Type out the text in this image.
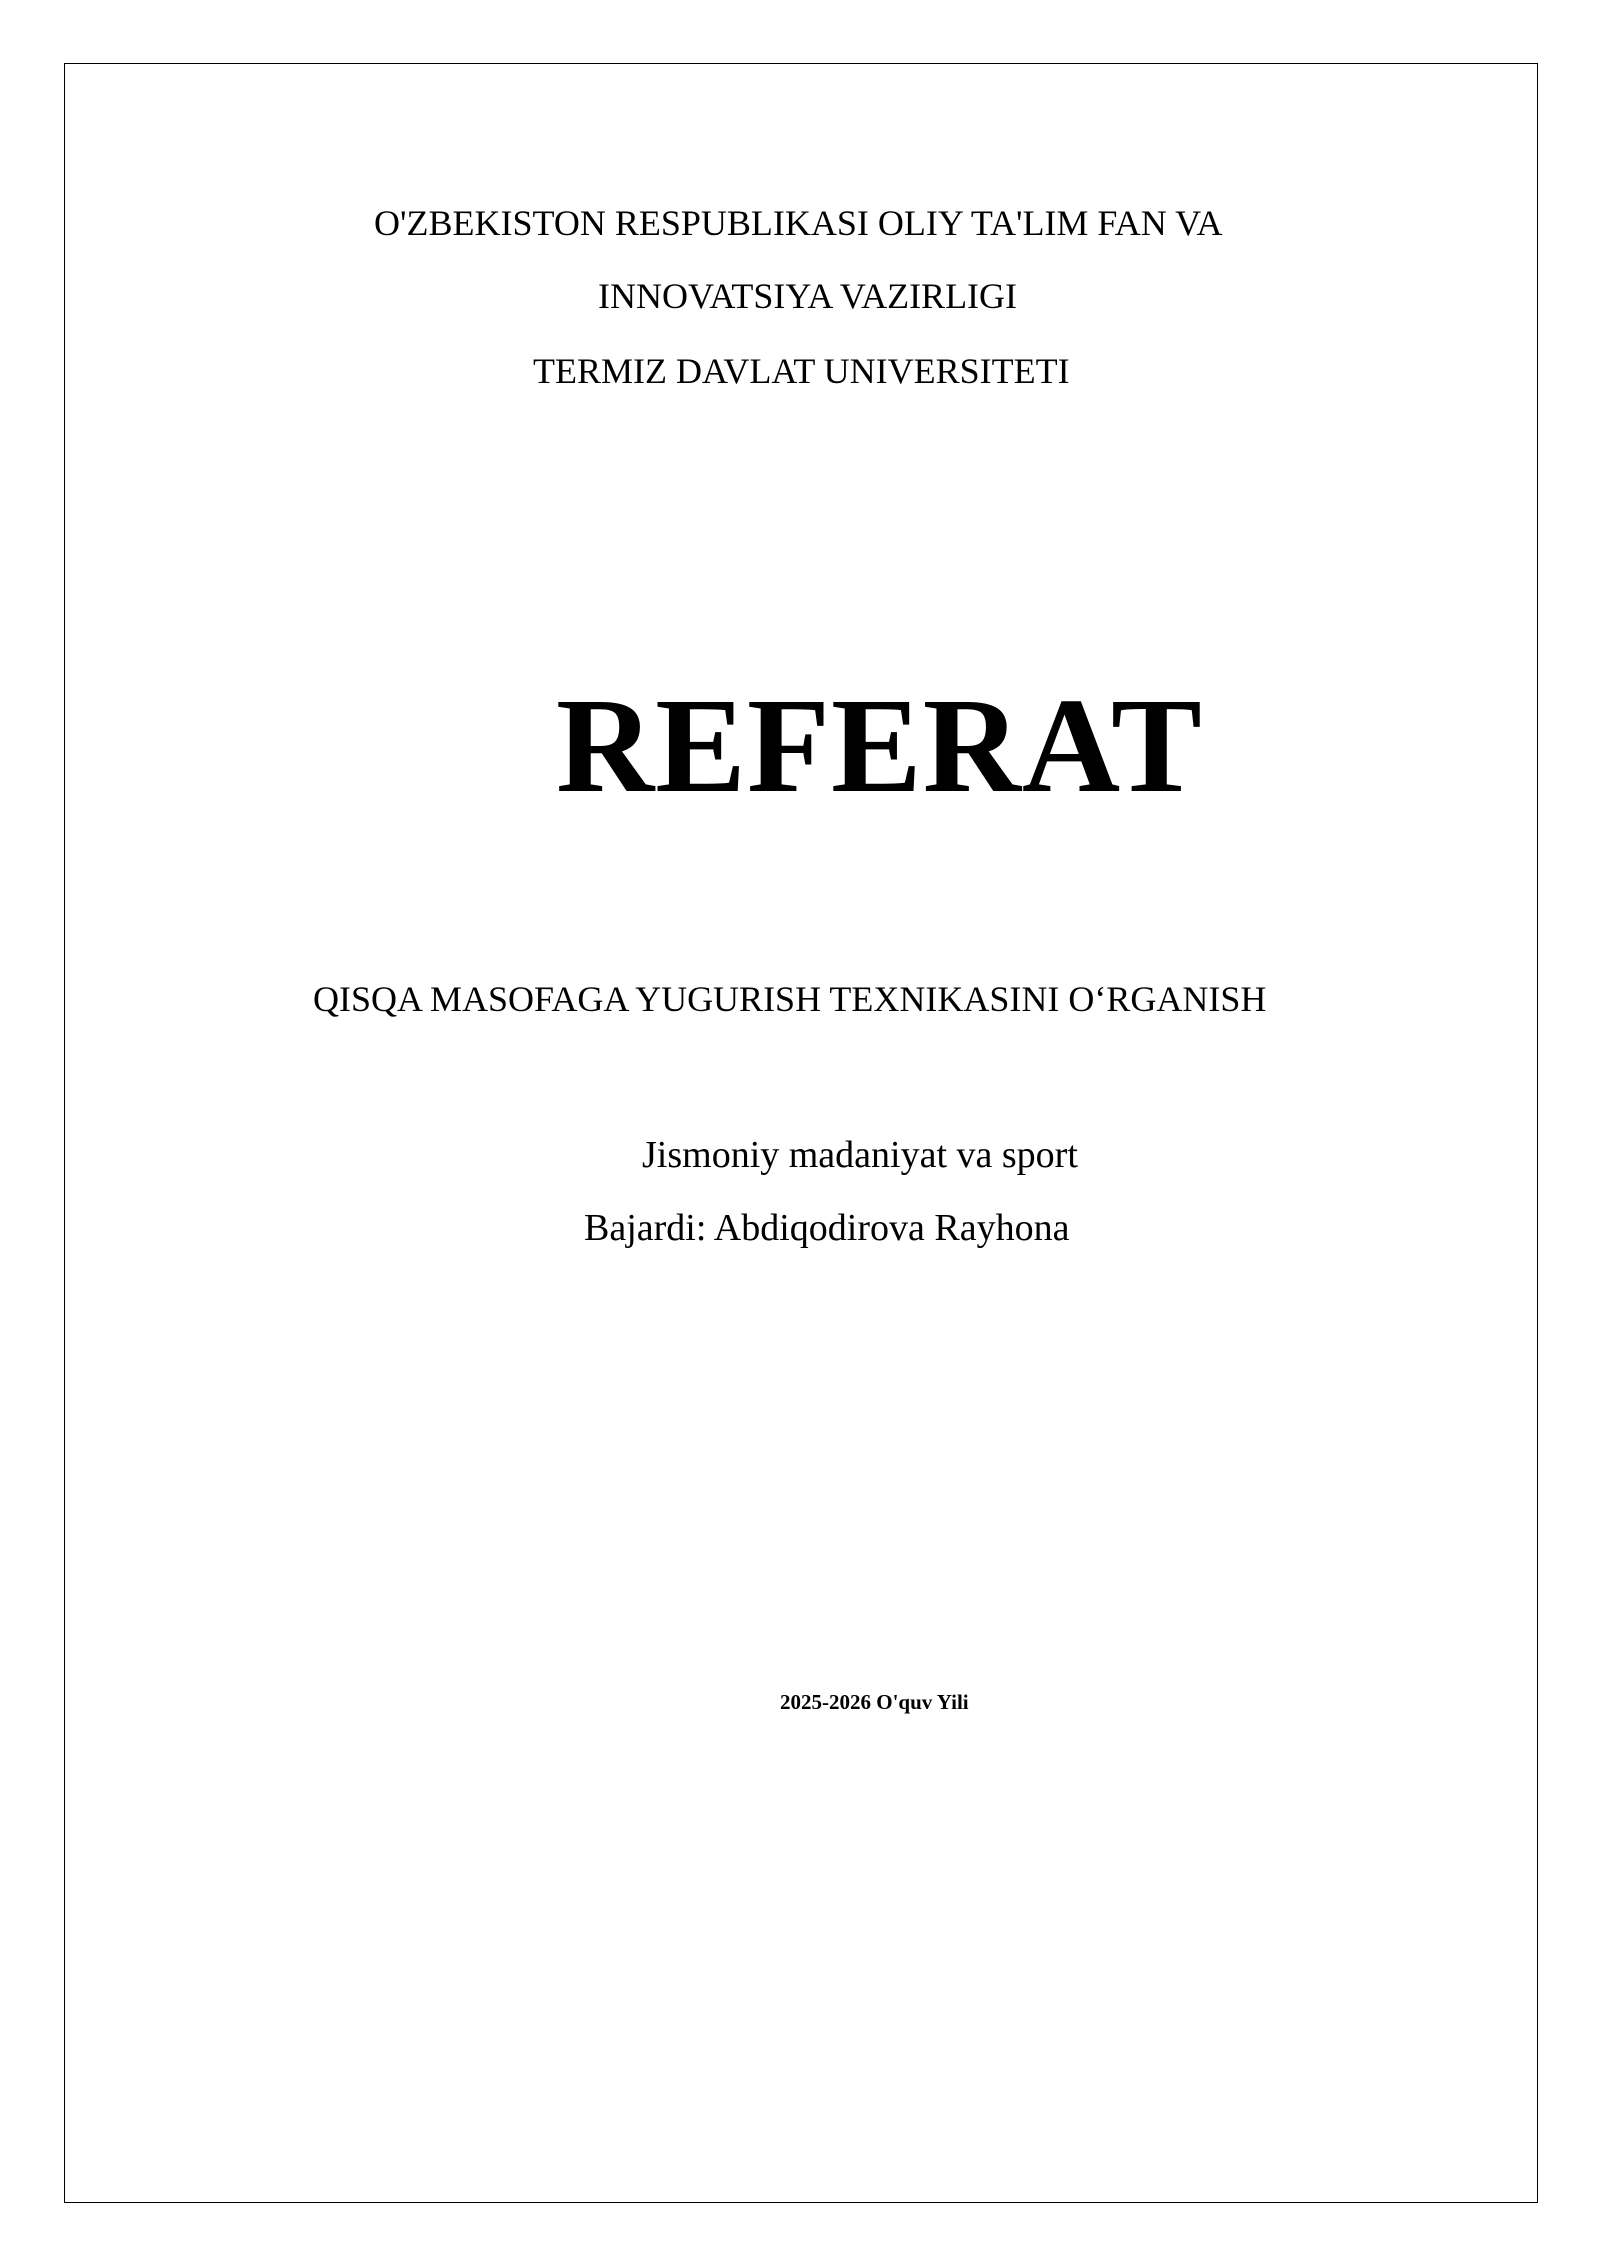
O'ZBEKISTON RESPUBLIKASI OLIY TA'LIM FAN VA
INNOVATSIYA VAZIRLIGI
TERMIZ DAVLAT UNIVERSITETI
REFERAT
QISQA MASOFAGA YUGURISH TEXNIKASINI O‘RGANISH
Jismoniy madaniyat va sport
Bajardi: Abdiqodirova Rayhona
2025-2026 O'quv Yili
